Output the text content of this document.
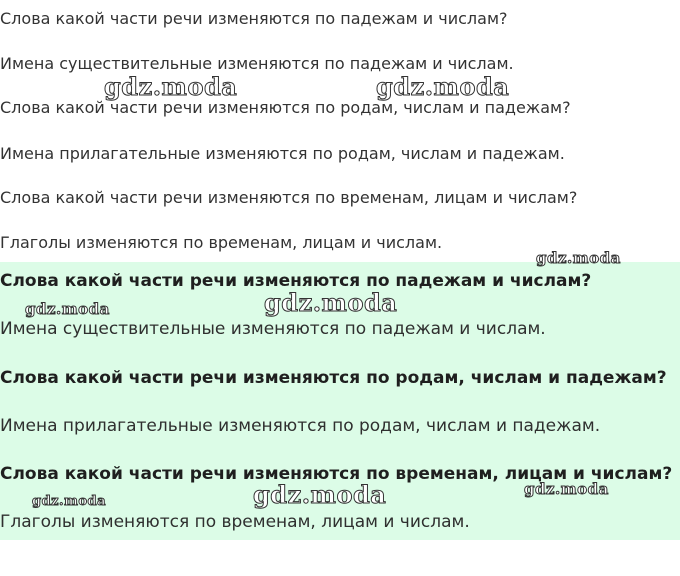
Слова какой части речи изменяются по падежам и числам?
Имена существительные изменяются по падежам и числам.
Слова какой части речи изменяются по родам, числам и падежам?
Имена прилагательные изменяются по родам, числам и падежам.
Слова какой части речи изменяются по временам, лицам и числам?
Глаголы изменяются по временам, лицам и числам.
Слова какой части речи изменяются по падежам и числам?
Имена существительные изменяются по падежам и числам.
Слова какой части речи изменяются по родам, числам и падежам?
Имена прилагательные изменяются по родам, числам и падежам.
Слова какой части речи изменяются по временам, лицам и числам?
Глаголы изменяются по временам, лицам и числам.
gdz.moda	gdz.moda
gdz.moda
gdz.moda
gdz.moda
gdz.moda	gdz.moda
gdz.moda
